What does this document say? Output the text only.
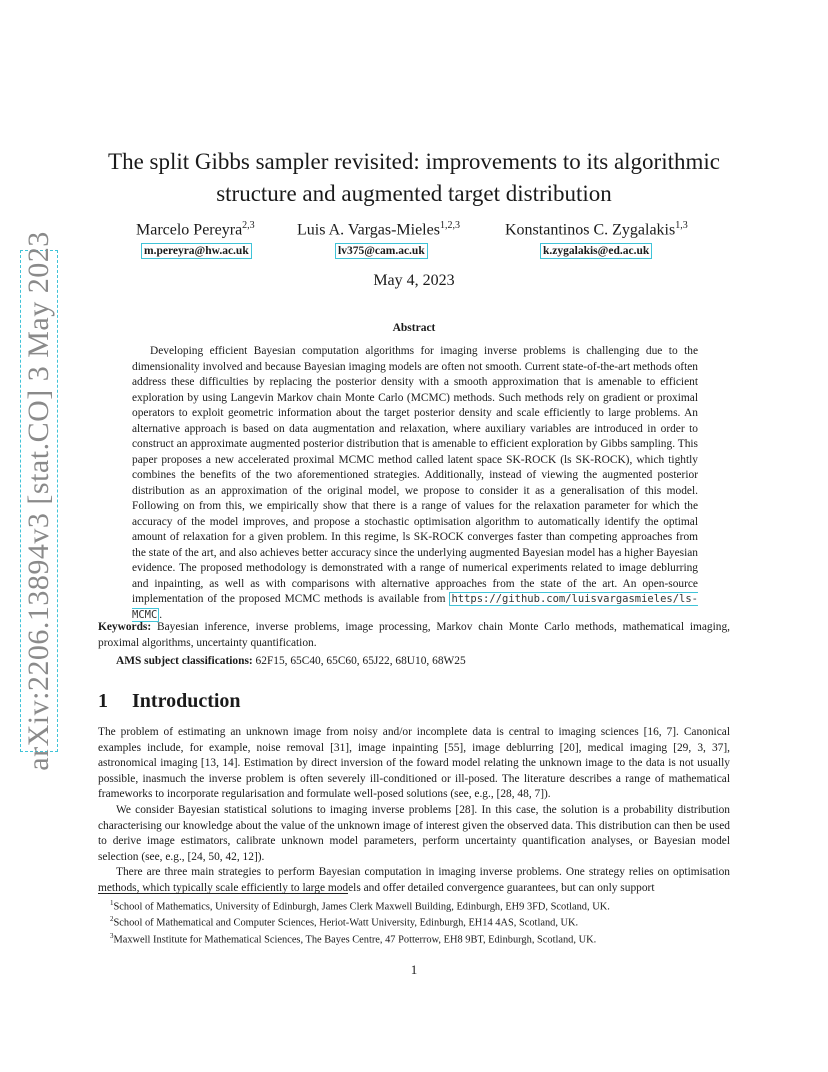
arXiv:2206.13894v3 [stat.CO] 3 May 2023
The split Gibbs sampler revisited: improvements to its algorithmic
structure and augmented target distribution
Marcelo Pereyra$^{2,3}$	Luis A. Vargas-Mieles$^{1,2,3}$	Konstantinos C. Zygalakis$^{1,3}$
m.pereyra@hw.ac.uk	lv375@cam.ac.uk	k.zygalakis@ed.ac.uk
May 4, 2023
Abstract

Developing efficient Bayesian computation algorithms for imaging inverse problems is challenging due to the dimensionality involved and because Bayesian imaging models are often not smooth. Current state-of-the-art methods often address these difficulties by replacing the posterior density with a smooth approximation that is amenable to efficient exploration by using Langevin Markov chain Monte Carlo (MCMC) methods. Such methods rely on gradient or proximal operators to exploit geometric information about the target posterior density and scale efficiently to large problems. An alternative approach is based on data augmentation and relaxation, where auxiliary variables are introduced in order to construct an approximate augmented posterior distribution that is amenable to efficient exploration by Gibbs sampling. This paper proposes a new accelerated proximal MCMC method called latent space SK-ROCK (ls SK-ROCK), which tightly combines the benefits of the two aforementioned strategies. Additionally, instead of viewing the augmented posterior distribution as an approximation of the original model, we propose to consider it as a generalisation of this model. Following on from this, we empirically show that there is a range of values for the relaxation parameter for which the accuracy of the model improves, and propose a stochastic optimisation algorithm to automatically identify the optimal amount of relaxation for a given problem. In this regime, ls SK-ROCK converges faster than competing approaches from the state of the art, and also achieves better accuracy since the underlying augmented Bayesian model has a higher Bayesian evidence. The proposed methodology is demonstrated with a range of numerical experiments related to image deblurring and inpainting, as well as with comparisons with alternative approaches from the state of the art. An open-source implementation of the proposed MCMC methods is available from https://github.com/luisvargasmieles/ls-MCMC .

Keywords: Bayesian inference, inverse problems, image processing, Markov chain Monte Carlo methods, mathematical imaging, proximal algorithms, uncertainty quantification.
AMS subject classifications: 62F15, 65C40, 65C60, 65J22, 68U10, 68W25
1 Introduction

The problem of estimating an unknown image from noisy and/or incomplete data is central to imaging sciences [16, 7]. Canonical examples include, for example, noise removal [31], image inpainting [55], image deblurring [20], medical imaging [29, 3, 37], astronomical imaging [13, 14]. Estimation by direct inversion of the foward model relating the unknown image to the data is not usually possible, inasmuch the inverse problem is often severely ill-conditioned or ill-posed. The literature describes a range of mathematical frameworks to incorporate regularisation and formulate well-posed solutions (see, e.g., [28, 48, 7]).

We consider Bayesian statistical solutions to imaging inverse problems [28]. In this case, the solution is a probability distribution characterising our knowledge about the value of the unknown image of interest given the observed data. This distribution can then be used to derive image estimators, calibrate unknown model parameters, perform uncertainty quantification analyses, or Bayesian model selection (see, e.g., [24, 50, 42, 12]).

There are three main strategies to perform Bayesian computation in imaging inverse problems. One strategy relies on optimisation methods, which typically scale efficiently to large models and offer detailed convergence guarantees, but can only support

$^1$School of Mathematics, University of Edinburgh, James Clerk Maxwell Building, Edinburgh, EH9 3FD, Scotland, UK.
$^2$School of Mathematical and Computer Sciences, Heriot-Watt University, Edinburgh, EH14 4AS, Scotland, UK.
$^3$Maxwell Institute for Mathematical Sciences, The Bayes Centre, 47 Potterrow, EH8 9BT, Edinburgh, Scotland, UK.
1
